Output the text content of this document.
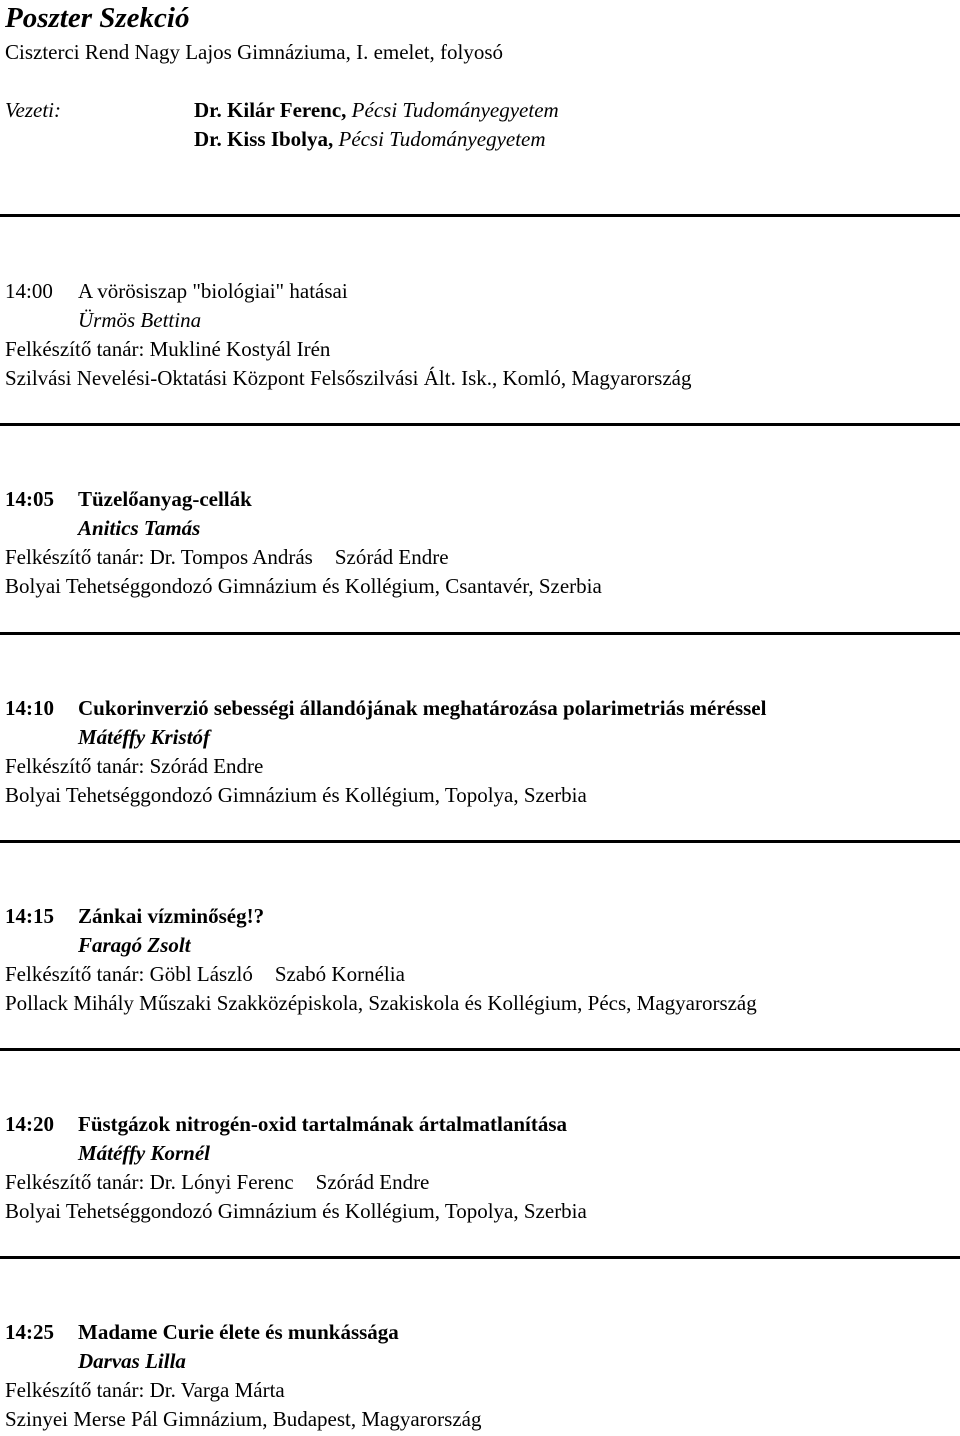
Poszter Szekció
Ciszterci Rend Nagy Lajos Gimnáziuma, I. emelet, folyosó
Vezeti:	Dr. Kilár Ferenc, Pécsi Tudományegyetem
Dr. Kiss Ibolya, Pécsi Tudományegyetem
14:00 A vörösiszap "biológiai" hatásai
Ürmös Bettina
Felkészítő tanár: Mukliné Kostyál Irén
Szilvási Nevelési-Oktatási Központ Felsőszilvási Ált. Isk., Komló, Magyarország
14:05 Tüzelőanyag-cellák
Anitics Tamás
Felkészítő tanár: Dr. Tompos András Szórád Endre
Bolyai Tehetséggondozó Gimnázium és Kollégium, Csantavér, Szerbia
14:10 Cukorinverzió sebességi állandójának meghatározása polarimetriás méréssel
Mátéffy Kristóf
Felkészítő tanár: Szórád Endre
Bolyai Tehetséggondozó Gimnázium és Kollégium, Topolya, Szerbia
14:15 Zánkai vízminőség!?
Faragó Zsolt
Felkészítő tanár: Göbl László Szabó Kornélia
Pollack Mihály Műszaki Szakközépiskola, Szakiskola és Kollégium, Pécs, Magyarország
14:20 Füstgázok nitrogén-oxid tartalmának ártalmatlanítása
Mátéffy Kornél
Felkészítő tanár: Dr. Lónyi Ferenc Szórád Endre
Bolyai Tehetséggondozó Gimnázium és Kollégium, Topolya, Szerbia
14:25 Madame Curie élete és munkássága
Darvas Lilla
Felkészítő tanár: Dr. Varga Márta
Szinyei Merse Pál Gimnázium, Budapest, Magyarország
